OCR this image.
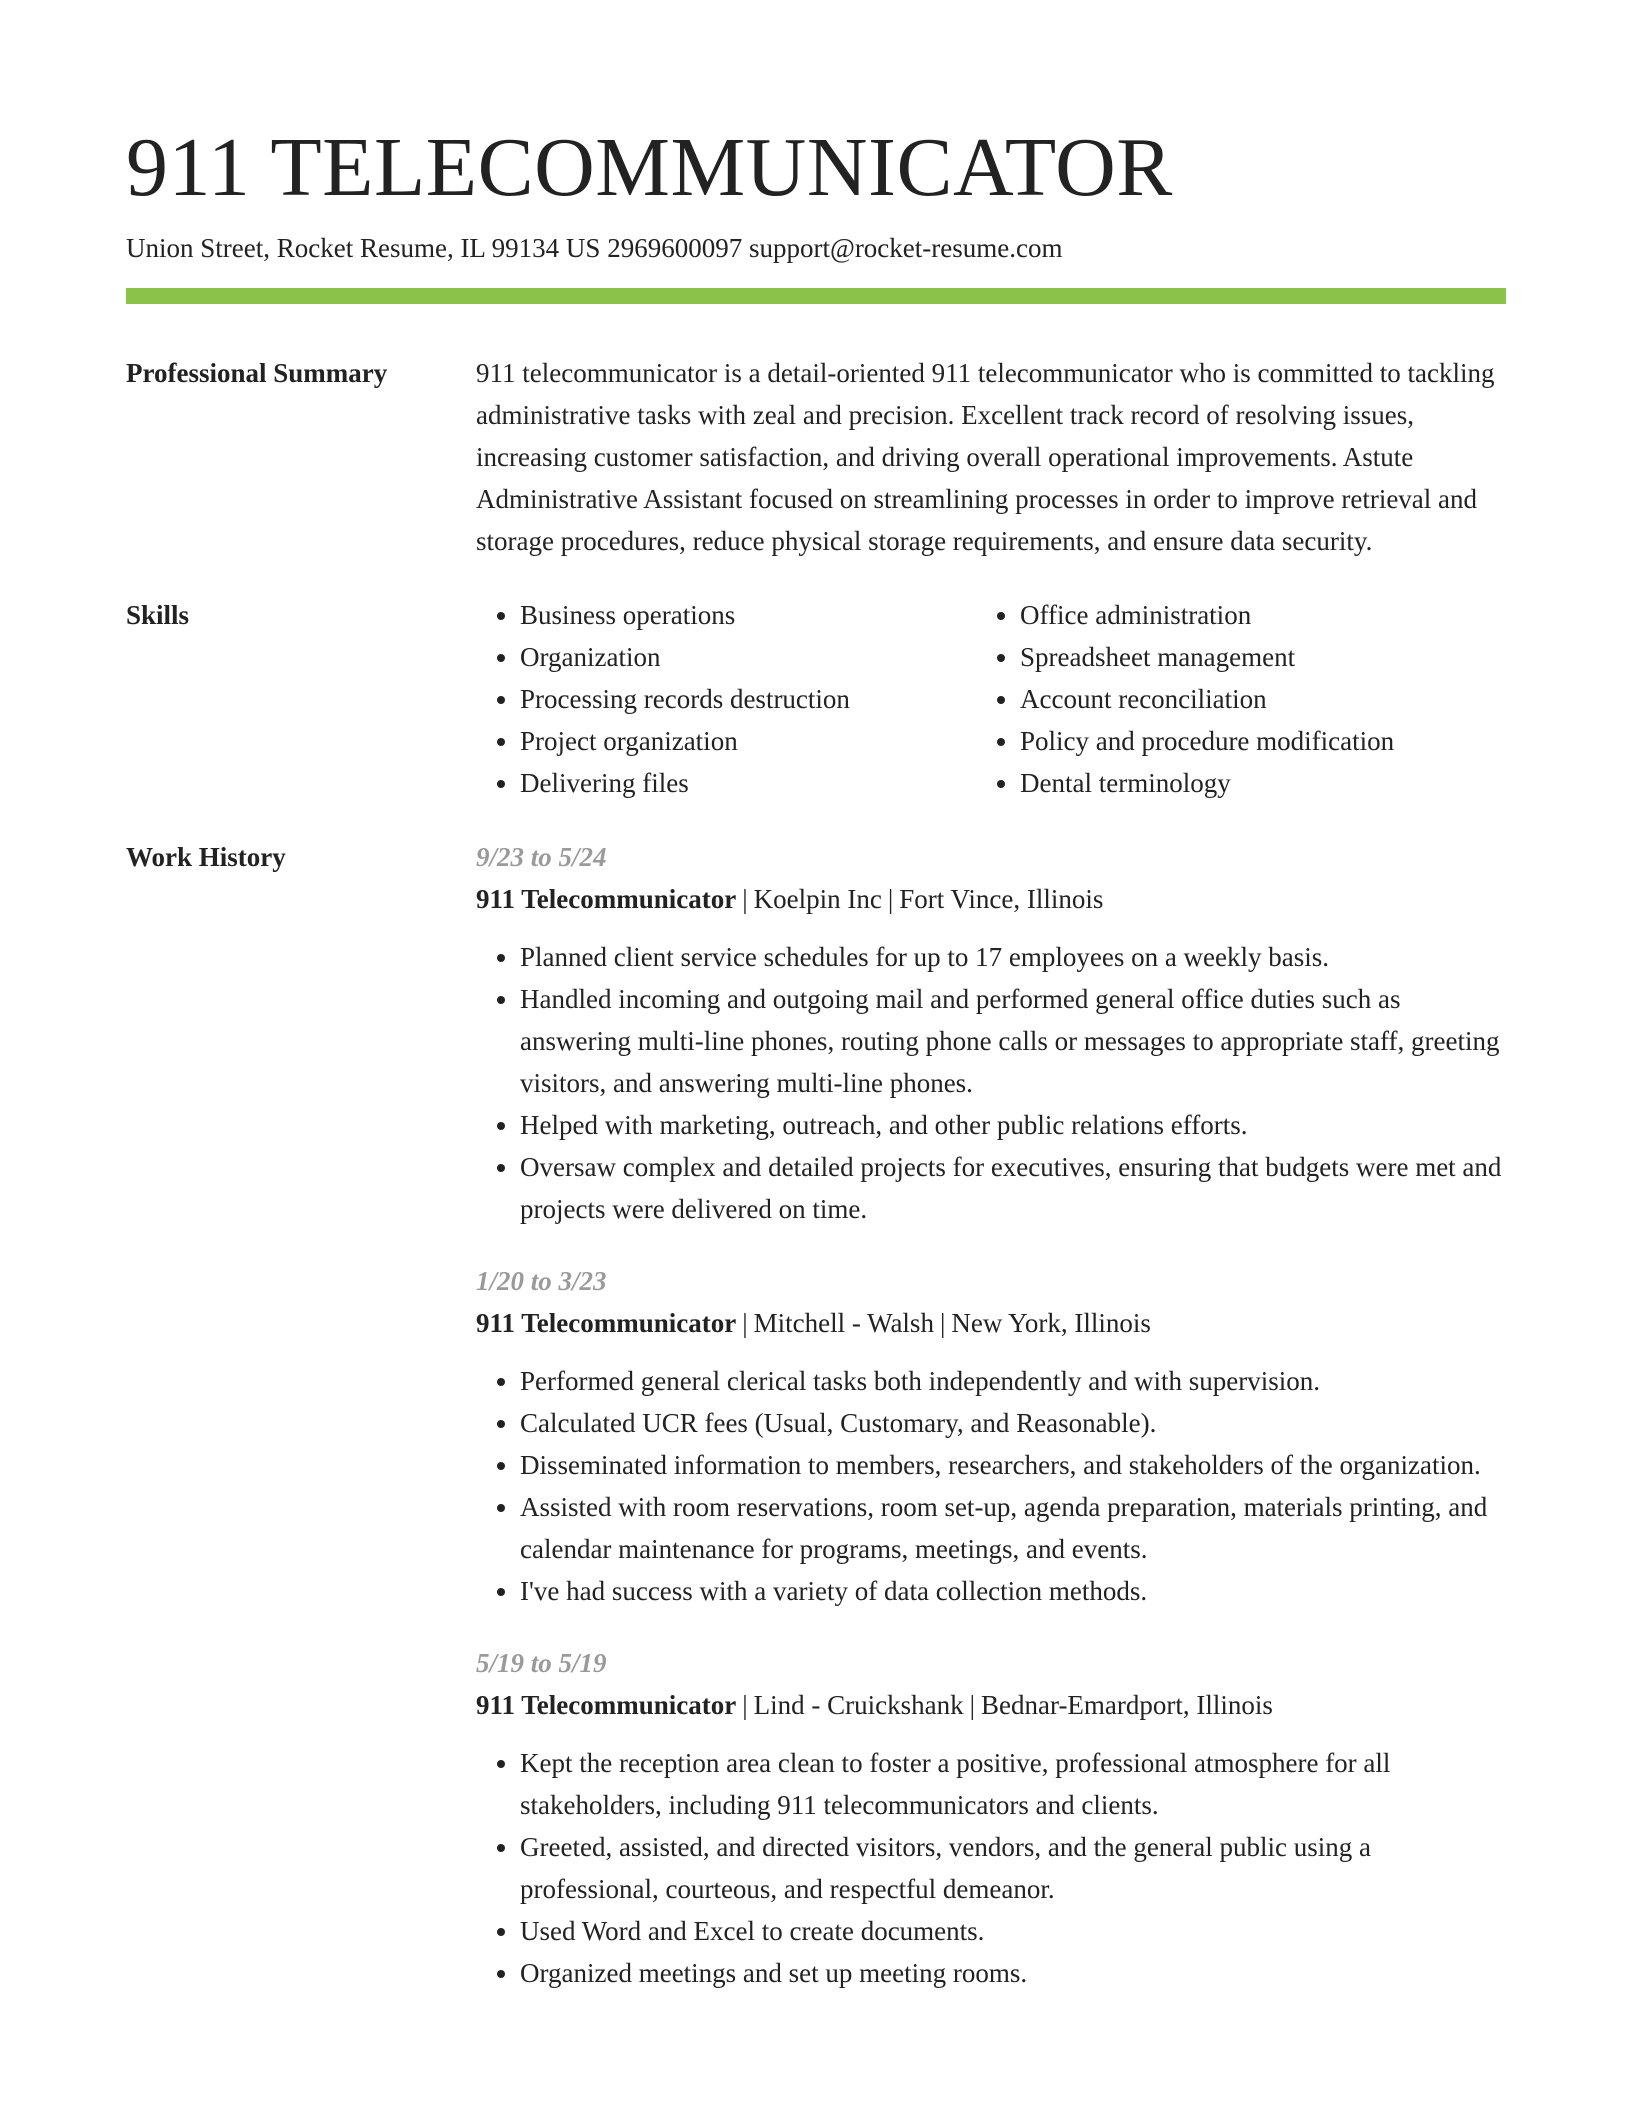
911 TELECOMMUNICATOR
Union Street, Rocket Resume, IL 99134 US 2969600097 support@rocket-resume.com
Professional Summary	911 telecommunicator is a detail-oriented 911 telecommunicator who is committed to tackling administrative tasks with zeal and precision. Excellent track record of resolving issues, increasing customer satisfaction, and driving overall operational improvements. Astute Administrative Assistant focused on streamlining processes in order to improve retrieval and storage procedures, reduce physical storage requirements, and ensure data security.

Skills
•	Business operations
• Organization
• Processing records destruction
• Project organization
• Delivering files
• Office administration
• Spreadsheet management
• Account reconciliation
• Policy and procedure modification
• Dental terminology
Work History	9/23 to 5/24
911 Telecommunicator | Koelpin Inc | Fort Vince, Illinois
• Planned client service schedules for up to 17 employees on a weekly basis.
• Handled incoming and outgoing mail and performed general office duties such as answering multi-line phones, routing phone calls or messages to appropriate staff, greeting visitors, and answering multi-line phones.
• Helped with marketing, outreach, and other public relations efforts.
• Oversaw complex and detailed projects for executives, ensuring that budgets were met and projects were delivered on time.
1/20 to 3/23
911 Telecommunicator | Mitchell - Walsh | New York, Illinois
• Performed general clerical tasks both independently and with supervision.
• Calculated UCR fees (Usual, Customary, and Reasonable).
• Disseminated information to members, researchers, and stakeholders of the organization.
• Assisted with room reservations, room set-up, agenda preparation, materials printing, and calendar maintenance for programs, meetings, and events.
• I've had success with a variety of data collection methods.
5/19 to 5/19
911 Telecommunicator | Lind - Cruickshank | Bednar-Emardport, Illinois
• Kept the reception area clean to foster a positive, professional atmosphere for all stakeholders, including 911 telecommunicators and clients.
• Greeted, assisted, and directed visitors, vendors, and the general public using a professional, courteous, and respectful demeanor.
• Used Word and Excel to create documents.
• Organized meetings and set up meeting rooms.
